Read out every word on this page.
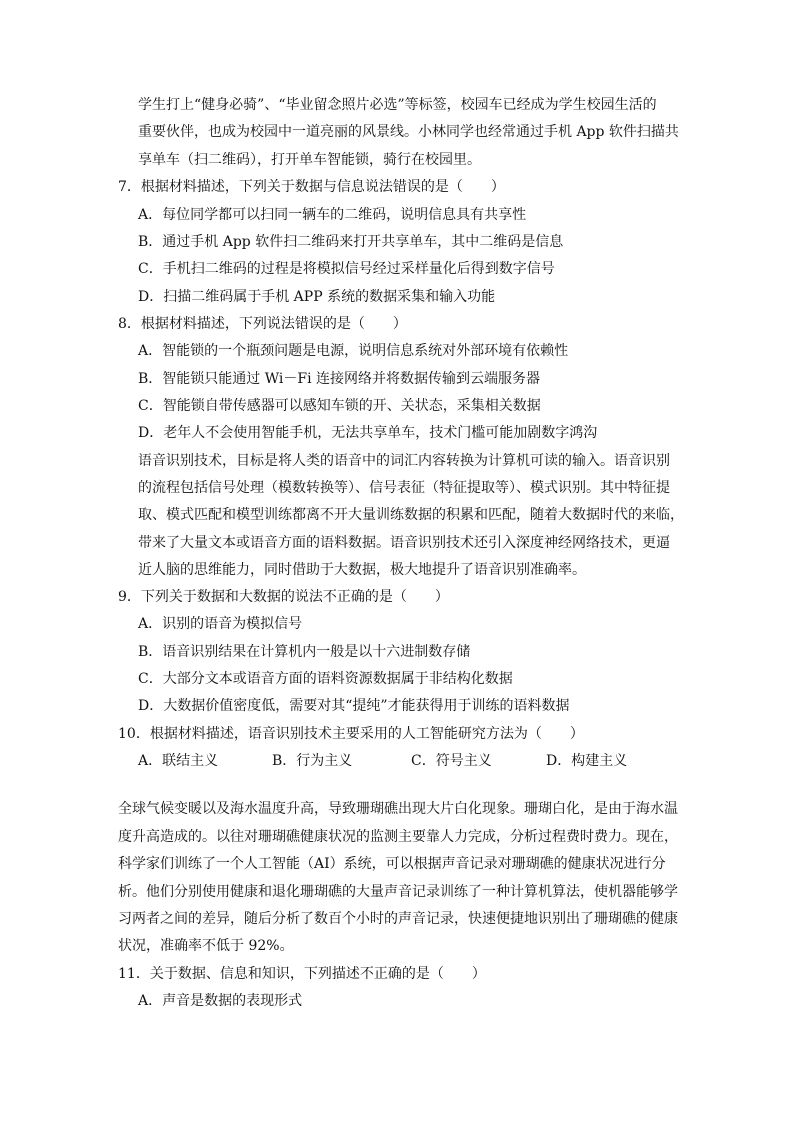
学生打上“健身必骑”、“毕业留念照片必选”等标签，校园车已经成为学生校园生活的
重要伙伴，也成为校园中一道亮丽的风景线。小林同学也经常通过手机 App 软件扫描共
享单车（扫二维码），打开单车智能锁，骑行在校园里。
7．根据材料描述，下列关于数据与信息说法错误的是（　　）
A．每位同学都可以扫同一辆车的二维码，说明信息具有共享性
B．通过手机 App 软件扫二维码来打开共享单车，其中二维码是信息
C．手机扫二维码的过程是将模拟信号经过采样量化后得到数字信号
D．扫描二维码属于手机 APP 系统的数据采集和输入功能
8．根据材料描述，下列说法错误的是（　　）
A．智能锁的一个瓶颈问题是电源，说明信息系统对外部环境有依赖性
B．智能锁只能通过 Wi－Fi 连接网络并将数据传输到云端服务器
C．智能锁自带传感器可以感知车锁的开、关状态，采集相关数据
D．老年人不会使用智能手机，无法共享单车，技术门槛可能加剧数字鸿沟
语音识别技术，目标是将人类的语音中的词汇内容转换为计算机可读的输入。语音识别
的流程包括信号处理（模数转换等）、信号表征（特征提取等）、模式识别。其中特征提
取、模式匹配和模型训练都离不开大量训练数据的积累和匹配，随着大数据时代的来临，
带来了大量文本或语音方面的语料数据。语音识别技术还引入深度神经网络技术，更逼
近人脑的思维能力，同时借助于大数据，极大地提升了语音识别准确率。
9．下列关于数据和大数据的说法不正确的是（　　）
A．识别的语音为模拟信号
B．语音识别结果在计算机内一般是以十六进制数存储
C．大部分文本或语音方面的语料资源数据属于非结构化数据
D．大数据价值密度低，需要对其“提纯”才能获得用于训练的语料数据
10．根据材料描述，语音识别技术主要采用的人工智能研究方法为（　　）
A．联结主义	B．行为主义	C．符号主义	D．构建主义
全球气候变暖以及海水温度升高，导致珊瑚礁出现大片白化现象。珊瑚白化，是由于海水温
度升高造成的。以往对珊瑚礁健康状况的监测主要靠人力完成，分析过程费时费力。现在，
科学家们训练了一个人工智能（AI）系统，可以根据声音记录对珊瑚礁的健康状况进行分
析。他们分别使用健康和退化珊瑚礁的大量声音记录训练了一种计算机算法，使机器能够学
习两者之间的差异，随后分析了数百个小时的声音记录，快速便捷地识别出了珊瑚礁的健康
状况，准确率不低于 92%。
11．关于数据、信息和知识，下列描述不正确的是（　　）
A．声音是数据的表现形式
